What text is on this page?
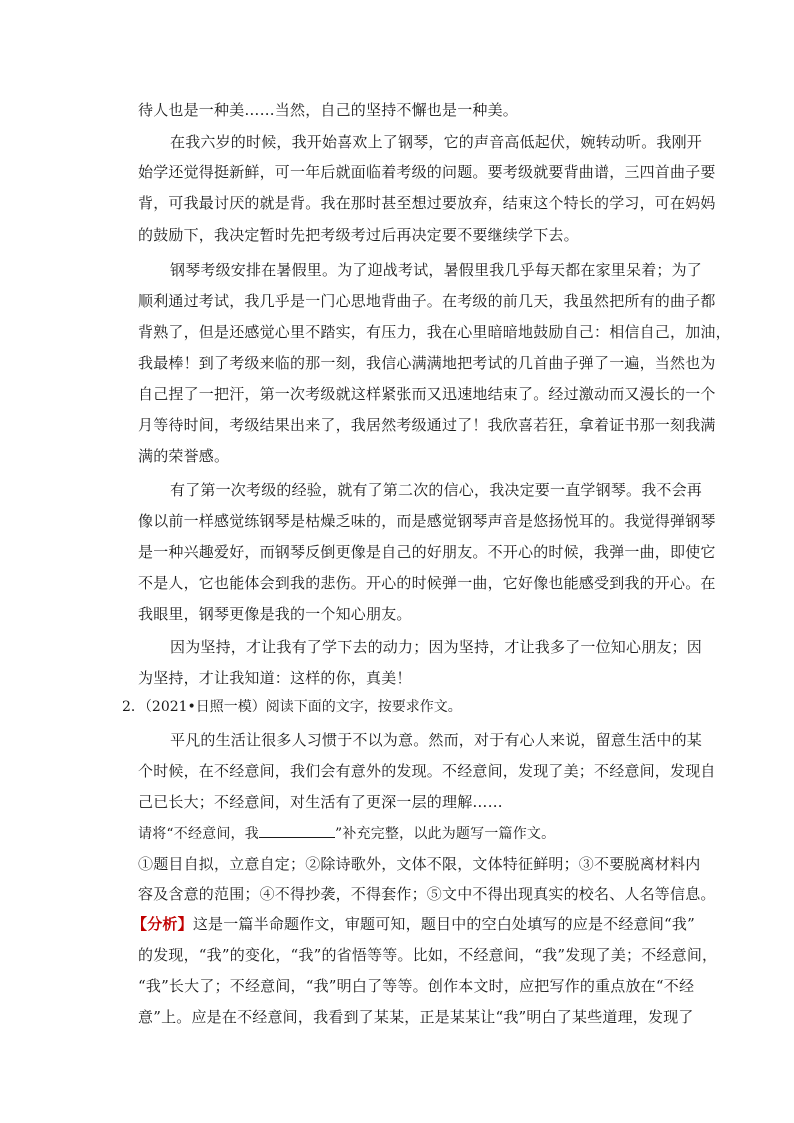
待人也是一种美……当然，自己的坚持不懈也是一种美。
在我六岁的时候，我开始喜欢上了钢琴，它的声音高低起伏，婉转动听。我刚开
始学还觉得挺新鲜，可一年后就面临着考级的问题。要考级就要背曲谱，三四首曲子要
背，可我最讨厌的就是背。我在那时甚至想过要放弃，结束这个特长的学习，可在妈妈
的鼓励下，我决定暂时先把考级考过后再决定要不要继续学下去。
钢琴考级安排在暑假里。为了迎战考试，暑假里我几乎每天都在家里呆着；为了
顺利通过考试，我几乎是一门心思地背曲子。在考级的前几天，我虽然把所有的曲子都
背熟了，但是还感觉心里不踏实，有压力，我在心里暗暗地鼓励自己：相信自己，加油，
我最棒！到了考级来临的那一刻，我信心满满地把考试的几首曲子弹了一遍，当然也为
自己捏了一把汗，第一次考级就这样紧张而又迅速地结束了。经过激动而又漫长的一个
月等待时间，考级结果出来了，我居然考级通过了！我欣喜若狂，拿着证书那一刻我满
满的荣誉感。
有了第一次考级的经验，就有了第二次的信心，我决定要一直学钢琴。我不会再
像以前一样感觉练钢琴是枯燥乏味的，而是感觉钢琴声音是悠扬悦耳的。我觉得弹钢琴
是一种兴趣爱好，而钢琴反倒更像是自己的好朋友。不开心的时候，我弹一曲，即使它
不是人，它也能体会到我的悲伤。开心的时候弹一曲，它好像也能感受到我的开心。在
我眼里，钢琴更像是我的一个知心朋友。
因为坚持，才让我有了学下去的动力；因为坚持，才让我多了一位知心朋友；因
为坚持，才让我知道：这样的你，真美！
2．（2021•日照一模）阅读下面的文字，按要求作文。
平凡的生活让很多人习惯于不以为意。然而，对于有心人来说，留意生活中的某
个时候，在不经意间，我们会有意外的发现。不经意间，发现了美；不经意间，发现自
己已长大；不经意间，对生活有了更深一层的理解……
请将“不经意间，我	”补充完整，以此为题写一篇作文。
①题目自拟，立意自定；②除诗歌外，文体不限，文体特征鲜明；③不要脱离材料内
容及含意的范围；④不得抄袭，不得套作；⑤文中不得出现真实的校名、人名等信息。
【分析】这是一篇半命题作文，审题可知，题目中的空白处填写的应是不经意间“我”
的发现，“我”的变化，“我”的省悟等等。比如，不经意间，“我”发现了美；不经意间，
“我”长大了；不经意间，“我”明白了等等。创作本文时，应把写作的重点放在“不经
意”上。应是在不经意间，我看到了某某，正是某某让“我”明白了某些道理，发现了
